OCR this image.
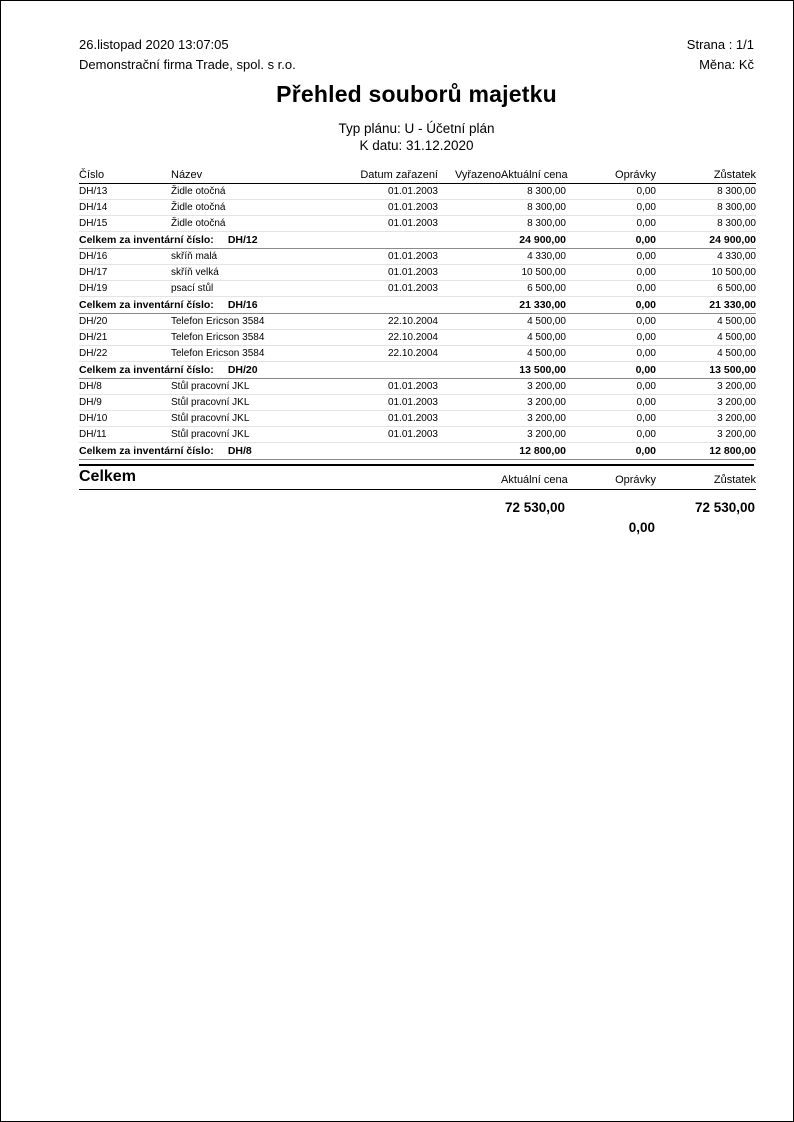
26.listopad 2020 13:07:05	Strana : 1/1
Demonstrační firma Trade, spol. s r.o.	Měna: Kč
Přehled souborů majetku
Typ plánu: U - Účetní plán
K datu: 31.12.2020
Číslo	Název	Datum zařazení	Vyřazeno	Aktuální cena	Oprávky	Zůstatek
DH/13	Židle otočná	01.01.2003		8 300,00	0,00	8 300,00
DH/14	Židle otočná	01.01.2003		8 300,00	0,00	8 300,00
DH/15	Židle otočná	01.01.2003		8 300,00	0,00	8 300,00
Celkem za inventární číslo: DH/12				24 900,00	0,00	24 900,00
DH/16	skříň malá	01.01.2003		4 330,00	0,00	4 330,00
DH/17	skříň velká	01.01.2003		10 500,00	0,00	10 500,00
DH/19	psací stůl	01.01.2003		6 500,00	0,00	6 500,00
Celkem za inventární číslo: DH/16				21 330,00	0,00	21 330,00
DH/20	Telefon Ericson 3584	22.10.2004		4 500,00	0,00	4 500,00
DH/21	Telefon Ericson 3584	22.10.2004		4 500,00	0,00	4 500,00
DH/22	Telefon Ericson 3584	22.10.2004		4 500,00	0,00	4 500,00
Celkem za inventární číslo: DH/20				13 500,00	0,00	13 500,00
DH/8	Stůl pracovní JKL	01.01.2003		3 200,00	0,00	3 200,00
DH/9	Stůl pracovní JKL	01.01.2003		3 200,00	0,00	3 200,00
DH/10	Stůl pracovní JKL	01.01.2003		3 200,00	0,00	3 200,00
DH/11	Stůl pracovní JKL	01.01.2003		3 200,00	0,00	3 200,00
Celkem za inventární číslo: DH/8				12 800,00	0,00	12 800,00
Celkem	Aktuální cena	Oprávky	Zůstatek
	72 530,00		72 530,00
		0,00	
